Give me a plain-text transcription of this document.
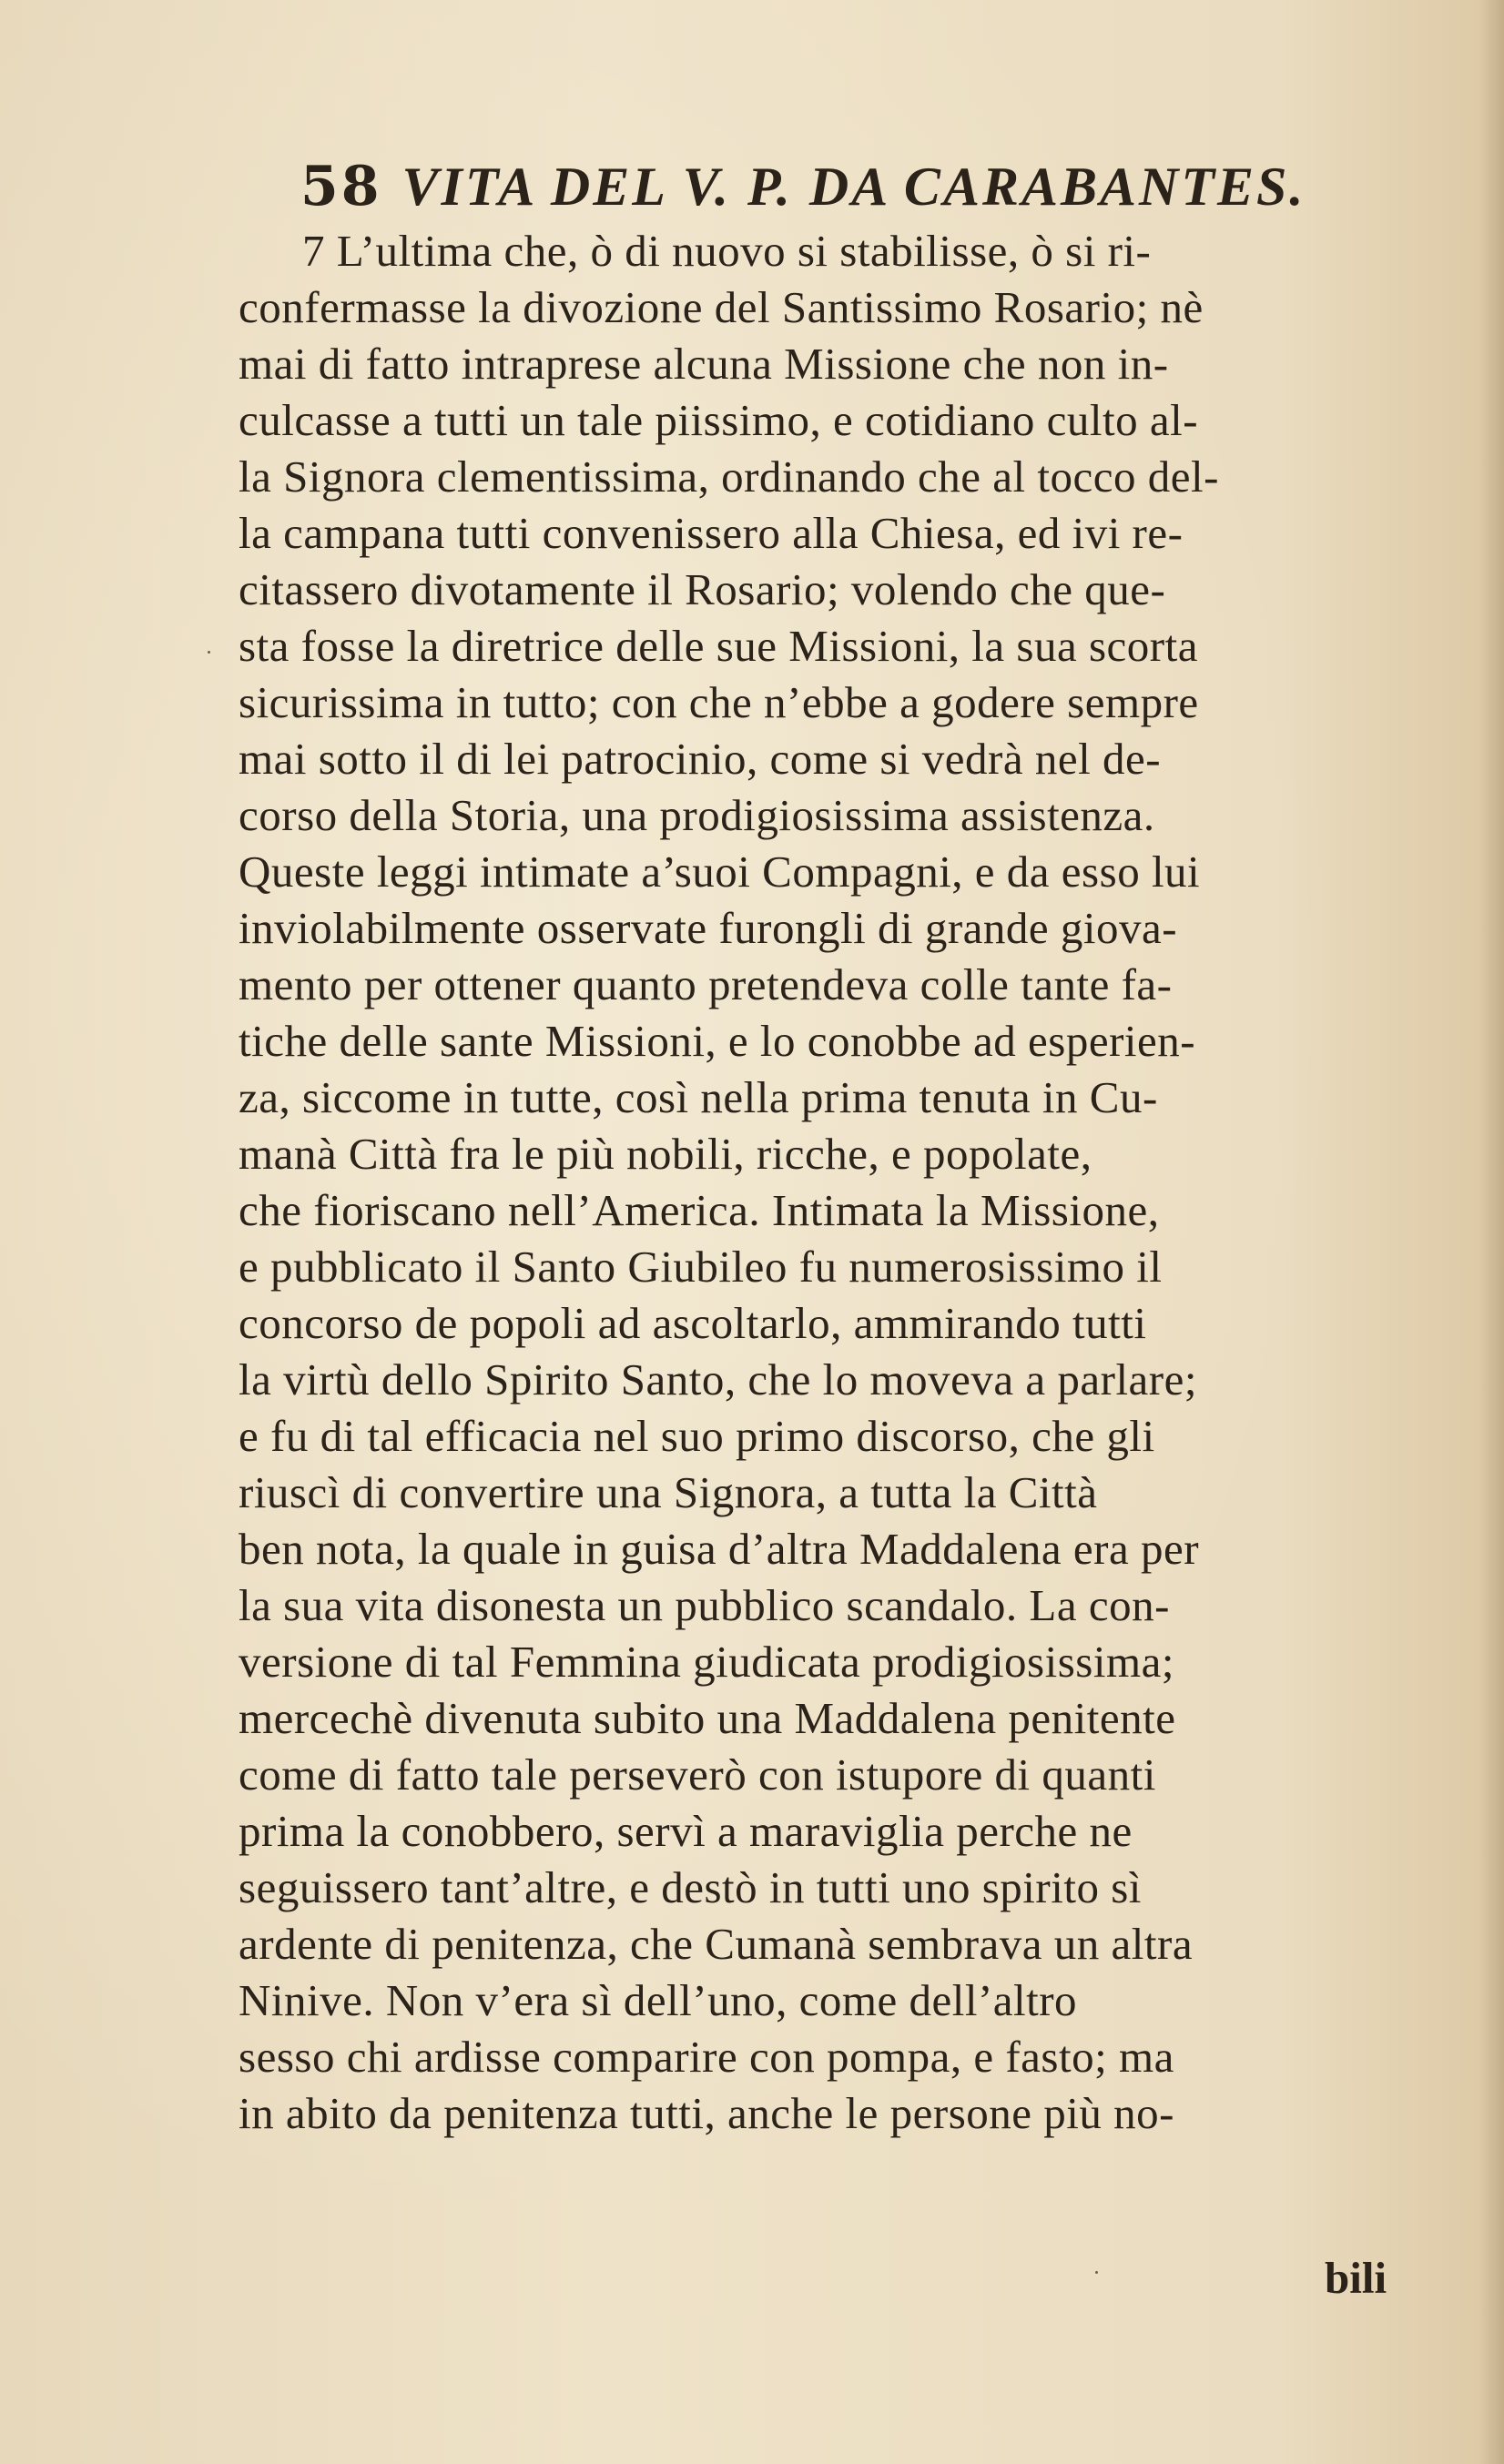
58 VITA DEL V. P. DA CARABANTES.
7 L’ultima che, ò di nuovo si stabilisse, ò si ri-
confermasse la divozione del Santissimo Rosario; nè
mai di fatto intraprese alcuna Missione che non in-
culcasse a tutti un tale piissimo, e cotidiano culto al-
la Signora clementissima, ordinando che al tocco del-
la campana tutti convenissero alla Chiesa, ed ivi re-
citassero divotamente il Rosario; volendo che que-
sta fosse la diretrice delle sue Missioni, la sua scorta
sicurissima in tutto; con che n’ebbe a godere sempre
mai sotto il di lei patrocinio, come si vedrà nel de-
corso della Storia, una prodigiosissima assistenza.
Queste leggi intimate a’suoi Compagni, e da esso lui
inviolabilmente osservate furongli di grande giova-
mento per ottener quanto pretendeva colle tante fa-
tiche delle sante Missioni, e lo conobbe ad esperien-
za, siccome in tutte, così nella prima tenuta in Cu-
manà Città fra le più nobili, ricche, e popolate,
che fioriscano nell’America. Intimata la Missione,
e pubblicato il Santo Giubileo fu numerosissimo il
concorso de popoli ad ascoltarlo, ammirando tutti
la virtù dello Spirito Santo, che lo moveva a parlare;
e fu di tal efficacia nel suo primo discorso, che gli
riuscì di convertire una Signora, a tutta la Città
ben nota, la quale in guisa d’altra Maddalena era per
la sua vita disonesta un pubblico scandalo. La con-
versione di tal Femmina giudicata prodigiosissima;
mercechè divenuta subito una Maddalena penitente
come di fatto tale perseverò con istupore di quanti
prima la conobbero, servì a maraviglia perche ne
seguissero tant’altre, e destò in tutti uno spirito sì
ardente di penitenza, che Cumanà sembrava un altra
Ninive. Non v’era sì dell’uno, come dell’altro
sesso chi ardisse comparire con pompa, e fasto; ma
in abito da penitenza tutti, anche le persone più no-
bili
